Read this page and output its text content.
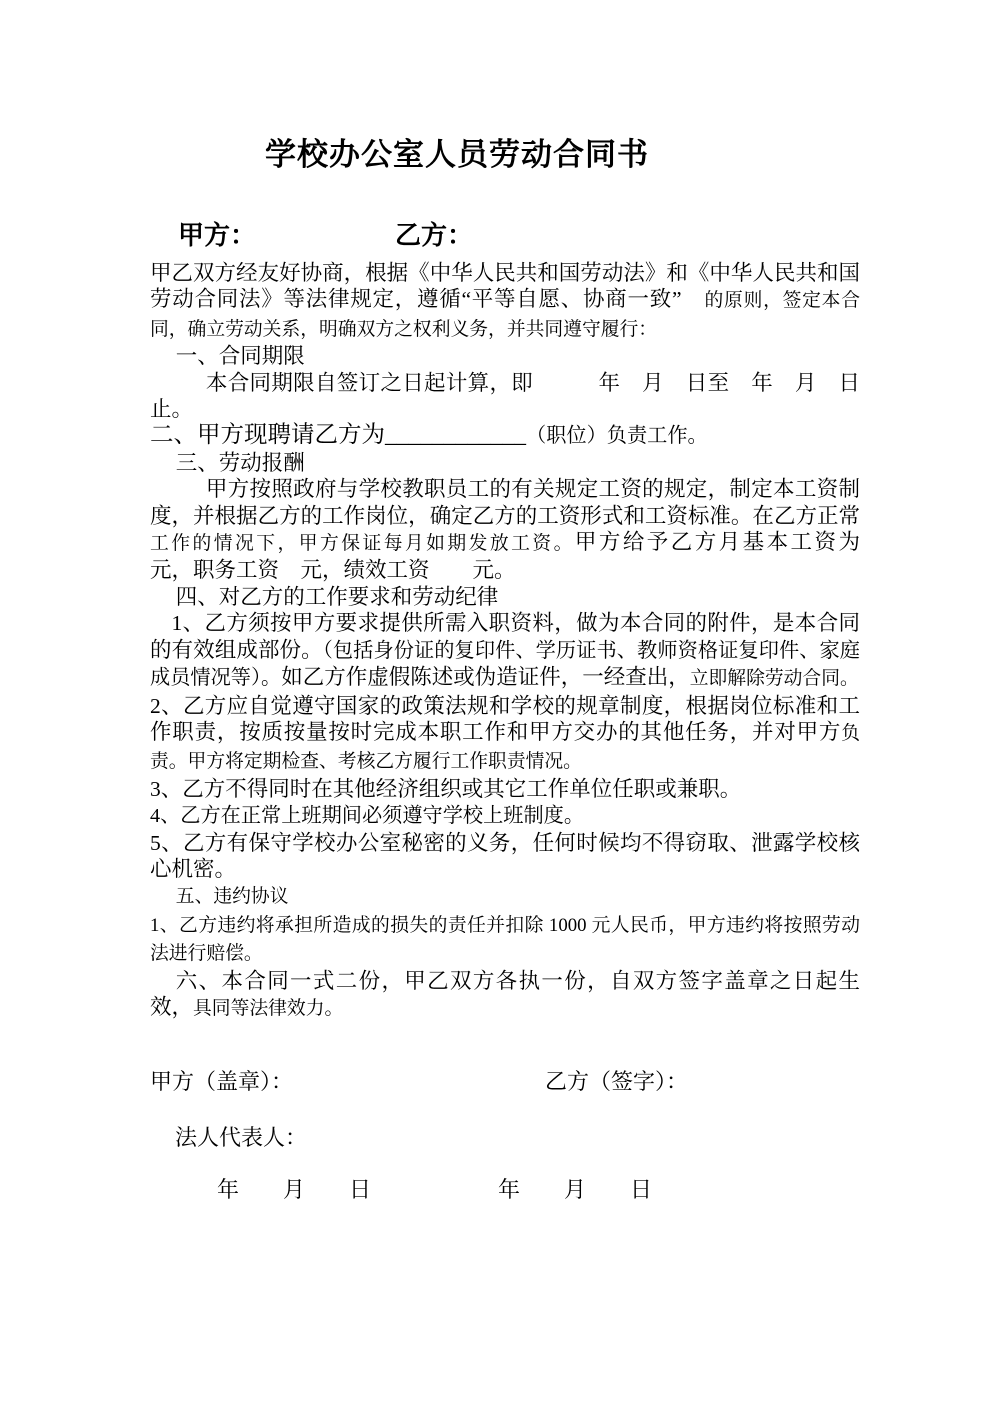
学校办公室人员劳动合同书
甲方：	乙方：

甲乙双方经友好协商，根据《中华人民共和国劳动法》和《中华人民共和国劳动合同法》等法律规定，遵循“平等自愿、协商一致”　的原则，签定本合同，确立劳动关系，明确双方之权利义务，并共同遵守履行：

一、合同期限

本合同期限自签订之日起计算，即　　　年　月　日至　年　月　日止。

二、甲方现聘请乙方为____________（职位）负责工作。

三、劳动报酬

甲方按照政府与学校教职员工的有关规定工资的规定，制定本工资制度，并根据乙方的工作岗位，确定乙方的工资形式和工资标准。在乙方正常工作的情况下，甲方保证每月如期发放工资。甲方给予乙方月基本工资为　　　元，职务工资　元，绩效工资　　元。

四、对乙方的工作要求和劳动纪律

1、乙方须按甲方要求提供所需入职资料，做为本合同的附件，是本合同的有效组成部份。（包括身份证的复印件、学历证书、教师资格证复印件、家庭成员情况等）。如乙方作虚假陈述或伪造证件，一经查出，立即解除劳动合同。

2、乙方应自觉遵守国家的政策法规和学校的规章制度，根据岗位标准和工作职责，按质按量按时完成本职工作和甲方交办的其他任务，并对甲方负责。甲方将定期检查、考核乙方履行工作职责情况。

3、乙方不得同时在其他经济组织或其它工作单位任职或兼职。

4、乙方在正常上班期间必须遵守学校上班制度。

5、乙方有保守学校办公室秘密的义务，任何时候均不得窃取、泄露学校核心机密。

五、违约协议

1、乙方违约将承担所造成的损失的责任并扣除 1000 元人民币，甲方违约将按照劳动法进行赔偿。

六、本合同一式二份，甲乙双方各执一份，自双方签字盖章之日起生效，具同等法律效力。

甲方（盖章）：	乙方（签字）：
法人代表人：
年　　月　　日	年　　月　　日
